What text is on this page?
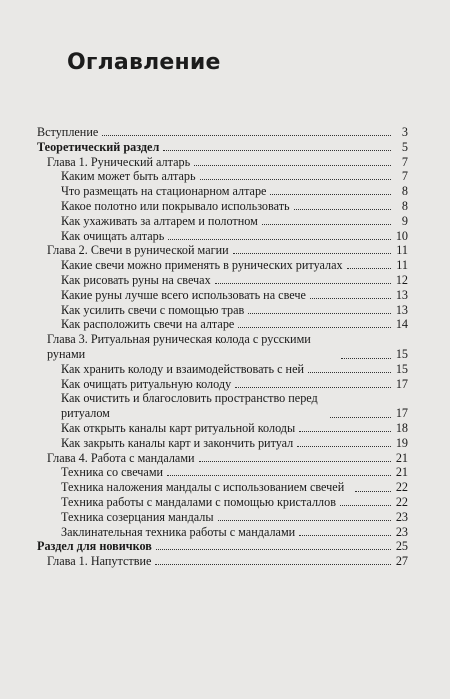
Оглавление
Вступление	3
Теоретический раздел	5
Глава 1. Рунический алтарь	7
Каким может быть алтарь	7
Что размещать на стационарном алтаре	8
Какое полотно или покрывало использовать	8
Как ухаживать за алтарем и полотном	9
Как очищать алтарь	10
Глава 2. Свечи в рунической магии	11
Какие свечи можно применять в рунических ритуалах	11
Как рисовать руны на свечах	12
Какие руны лучше всего использовать на свече	13
Как усилить свечи с помощью трав	13
Как расположить свечи на алтаре	14
Глава 3. Ритуальная руническая колода с русскими рунами	15
Как хранить колоду и взаимодействовать с ней	15
Как очищать ритуальную колоду	17
Как очистить и благословить пространство перед ритуалом	17
Как открыть каналы карт ритуальной колоды	18
Как закрыть каналы карт и закончить ритуал	19
Глава 4. Работа с мандалами	21
Техника со свечами	21
Техника наложения мандалы с использованием свечей	22
Техника работы с мандалами с помощью кристаллов	22
Техника созерцания мандалы	23
Заклинательная техника работы с мандалами	23
Раздел для новичков	25
Глава 1. Напутствие	27
